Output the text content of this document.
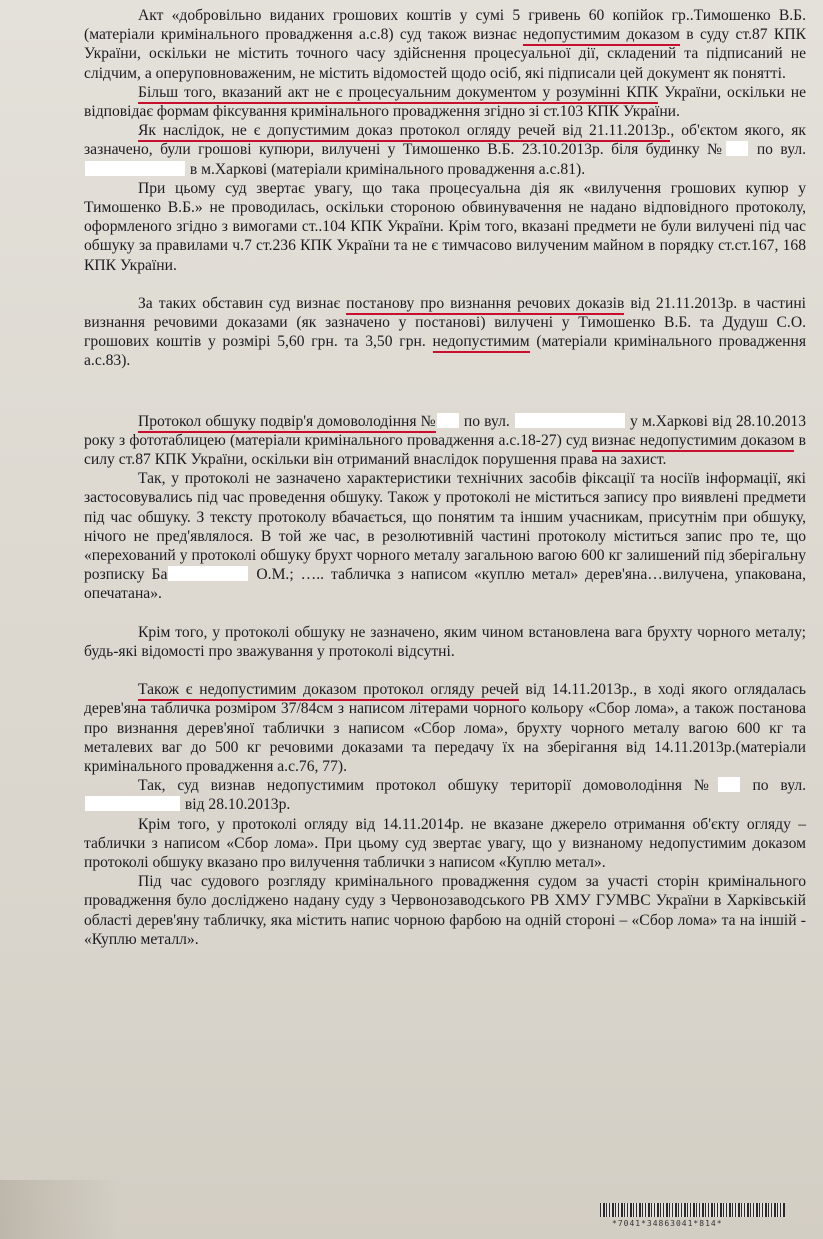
Акт «добровільно виданих грошових коштів у сумі 5 гривень 60 копійок гр..Тимошенко В.Б. (матеріали кримінального провадження а.с.8) суд також визнає недопустимим доказом в суду ст.87 КПК України, оскільки не містить точного часу здійснення процесуальної дії, складений та підписаний не слідчим, а оперуповноваженим, не містить відомостей щодо осіб, які підписали цей документ як понятті.

Більш того, вказаний акт не є процесуальним документом у розумінні КПК України, оскільки не відповідає формам фіксування кримінального провадження згідно зі ст.103 КПК України.

Як наслідок, не є допустимим доказ протокол огляду речей від 21.11.2013р., об'єктом якого, як зазначено, були грошові купюри, вилучені у Тимошенко В.Б. 23.10.2013р. біля будинку № по вул.  в м.Харкові (матеріали кримінального провадження а.с.81).

При цьому суд звертає увагу, що така процесуальна дія як «вилучення грошових купюр у Тимошенко В.Б.» не проводилась, оскільки стороною обвинувачення не надано відповідного протоколу, оформленого згідно з вимогами ст..104 КПК України. Крім того, вказані предмети не були вилучені під час обшуку за правилами ч.7 ст.236 КПК України та не є тимчасово вилученим майном в порядку ст.ст.167, 168 КПК України.

За таких обставин суд визнає постанову про визнання речових доказів від 21.11.2013р. в частині визнання речовими доказами (як зазначено у постанові) вилучені у Тимошенко В.Б. та Дудуш С.О. грошових коштів у розмірі 5,60 грн. та 3,50 грн. недопустимим (матеріали кримінального провадження а.с.83).

Протокол обшуку подвір'я домоволодіння № по вул.	у м.Харкові від 28.10.2013 року з фототаблицею (матеріали кримінального провадження а.с.18-27) суд визнає недопустимим доказом в силу ст.87 КПК України, оскільки він отриманий внаслідок порушення права на захист.

Так, у протоколі не зазначено характеристики технічних засобів фіксації та носіїв інформації, які застосовувались під час проведення обшуку. Також у протоколі не міститься запису про виявлені предмети під час обшуку. З тексту протоколу вбачається, що понятим та іншим учасникам, присутнім при обшуку, нічого не пред'являлося. В той же час, в резолютивній частині протоколу міститься запис про те, що «перехований у протоколі обшуку брухт чорного металу загальною вагою 600 кг залишений під зберігальну розписку Ба	О.М.; ….. табличка з написом «куплю метал» дерев'яна…вилучена, упакована, опечатана».

Крім того, у протоколі обшуку не зазначено, яким чином встановлена вага брухту чорного металу; будь-які відомості про зважування у протоколі відсутні.

Також є недопустимим доказом протокол огляду речей від 14.11.2013р., в ході якого оглядалась дерев'яна табличка розміром 37/84см з написом літерами чорного кольору «Сбор лома», а також постанова про визнання дерев'яної таблички з написом «Сбор лома», брухту чорного металу вагою 600 кг та металевих ваг до 500 кг речовими доказами та передачу їх на зберігання від 14.11.2013р.(матеріали кримінального провадження а.с.76, 77).

Так, суд визнав недопустимим протокол обшуку території домоволодіння № по вул. від 28.10.2013р.

Крім того, у протоколі огляду від 14.11.2014р. не вказане джерело отримання об'єкту огляду – таблички з написом «Сбор лома». При цьому суд звертає увагу, що у визнаному недопустимим доказом протоколі обшуку вказано про вилучення таблички з написом «Куплю метал».

Під час судового розгляду кримінального провадження судом за участі сторін кримінального провадження було досліджено надану суду з Червонозаводського РВ ХМУ ГУМВС України в Харківській області дерев'яну табличку, яка містить напис чорною фарбою на одній стороні – «Сбор лома» та на іншій - «Куплю металл».

*7041*34863041*814*
